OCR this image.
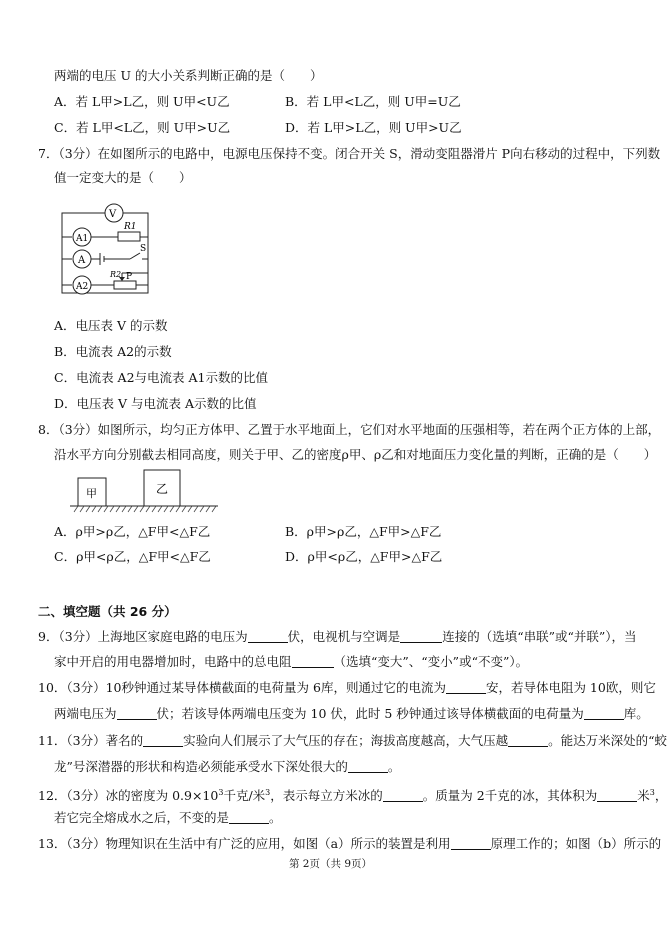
两端的电压 U 的大小关系判断正确的是（　　）
A．若 L甲>L乙，则 U甲<U乙	B．若 L甲<L乙，则 U甲=U乙
C．若 L甲<L乙，则 U甲>U乙	D．若 L甲>L乙，则 U甲>U乙
7．（3分）在如图所示的电路中，电源电压保持不变。闭合开关 S，滑动变阻器滑片 P向右移动的过程中，下列数
值一定变大的是（　　）
V
A1
A
A2
R1
S
R2 P
A．电压表 V 的示数
B．电流表 A2的示数
C．电流表 A2与电流表 A1示数的比值
D．电压表 V 与电流表 A示数的比值
8．（3分）如图所示，均匀正方体甲、乙置于水平地面上，它们对水平地面的压强相等，若在两个正方体的上部，
沿水平方向分别截去相同高度，则关于甲、乙的密度ρ甲、ρ乙和对地面压力变化量的判断，正确的是（　　）
甲	乙
A．ρ甲>ρ乙，△F甲<△F乙	B．ρ甲>ρ乙，△F甲>△F乙
C．ρ甲<ρ乙，△F甲<△F乙	D．ρ甲<ρ乙，△F甲>△F乙
二、填空题（共 26 分）
9．（3分）上海地区家庭电路的电压为	伏，电视机与空调是	连接的（选填“串联”或“并联”），当
家中开启的用电器增加时，电路中的总电阻	（选填“变大”、“变小”或“不变”）。
10．（3分）10秒钟通过某导体横截面的电荷量为 6库，则通过它的电流为	安，若导体电阻为 10欧，则它
两端电压为	伏；若该导体两端电压变为 10 伏，此时 5 秒钟通过该导体横截面的电荷量为	库。
11．（3分）著名的	实验向人们展示了大气压的存在；海拔高度越高，大气压越	。能达万米深处的“蛟
龙”号深潜器的形状和构造必须能承受水下深处很大的	。
12．（3分）冰的密度为 $0.9\times 10^3$千克/米$^3$，表示每立方米冰的	。质量为 2千克的冰，其体积为	米$^3$，
若它完全熔成水之后，不变的是	。
13．（3分）物理知识在生活中有广泛的应用，如图（a）所示的装置是利用	原理工作的；如图（b）所示的
第 2页（共 9页）
